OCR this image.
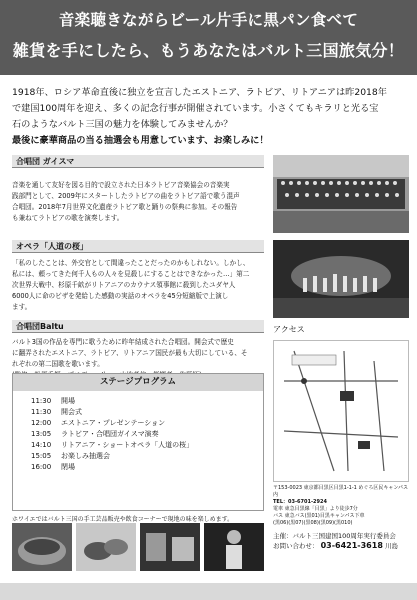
音楽聴きながらビール片手に黒パン食べて
雑貨を手にしたら、もうあなたはバルト三国旅気分！

1918年、ロシア革命直後に独立を宣言したエストニア、ラトビア、リトアニアは昨2018年

で建国100周年を迎え、多くの記念行事が開催されています。小さくてもキラリと光る宝

石のようなバルト三国の魅力を体験してみませんか？

最後に豪華商品の当る抽選会も用意しています、お楽しみに！

合唱団 ガイスマ
音楽を通して友好を図る目的で設立された日本ラトビア音楽協会の音楽実
践部門として、2009年にスタートしたラトビアの曲をラトビア語で歌う混声
合唱団。2018年7月世界文化遺産ラトビア歌と踊りの祭典に参加。その報告
も兼ねてラトビアの歌を演奏します。
オペラ「人道の桜」
「私のしたことは、外交官として間違ったことだったのかもしれない。しかし、
私には、頼ってきた何千人もの人々を見殺しにすることはできなかった…」第二
次世界大戦中、杉原千畝がリトアニアのカウナス領事館に殺到したユダヤ人
6000人に命のビザを発給した感動の実話のオペラを45分短縮版で上演し
ます。
合唱団Baltu
バルト3国の作品を専門に歌うために昨年結成された合唱団。開会式で歴史
に翻弄されたエストニア、ラトビア、リトアニア国民が最も大切にしている、そ
れぞれの第二国歌を歌います。
ステージプログラム
11:30 開場
11:30 開会式
12:00 エストニア・プレゼンテーション
13:05 ラトビア・合唱団ガイスマ演奏
14:10 リトアニア・ショートオペラ「人道の桜」
15:05 お楽しみ抽選会
16:00 閉場
アクセス
〒153-0023 東京都目黒区目黒1-1-1 めぐろ区民キャンパス内
TEL：03-6701-2924
電車 東急目黒線「目黒」より徒歩7分
バス 東急バス(黒01)目黒キャンパス下車
(黒06)(黒07)(黒08)(黒09)(黒010)
ホワイエではバルト三国の手工芸品販売や飲食コーナーで現地の味を楽しめます。
主催：バルト三国建国100周年実行委員会
お問い合わせ： 03-6421-3618 川島
